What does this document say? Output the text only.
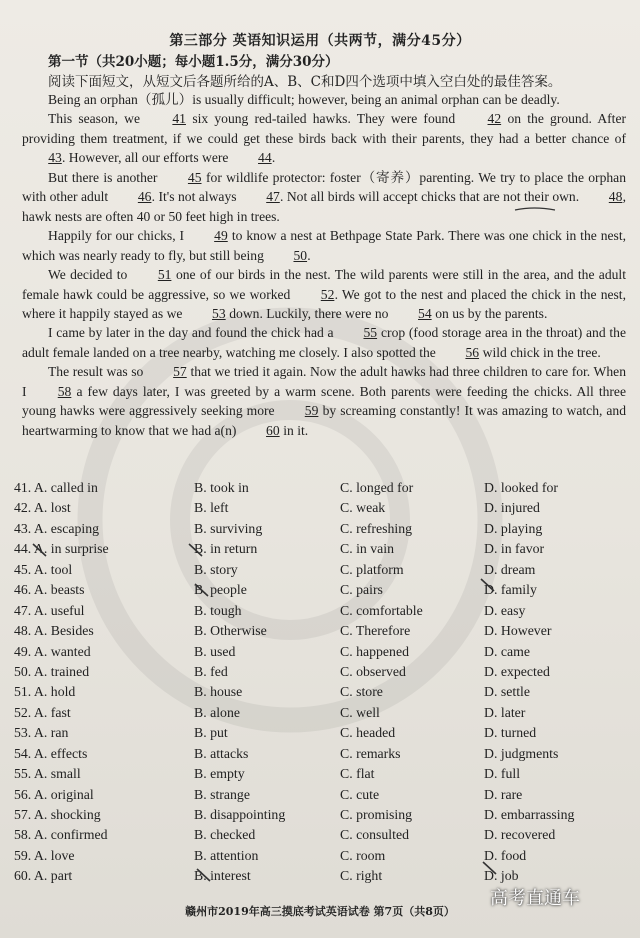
第三部分 英语知识运用（共两节，满分45分）
第一节（共20小题；每小题1.5分，满分30分）
阅读下面短文，从短文后各题所给的A、B、C和D四个选项中填入空白处的最佳答案。

Being an orphan（孤儿）is usually difficult; however, being an animal orphan can be deadly.

This season, we 41 six young red-tailed hawks. They were found 42 on the ground. After providing them treatment, if we could get these birds back with their parents, they had a better chance of 43. However, all our efforts were 44.

But there is another 45 for wildlife protector: foster（寄养）parenting. We try to place the orphan with other adult 46. It's not always 47. Not all birds will accept chicks that are not their own. 48, hawk nests are often 40 or 50 feet high in trees.

Happily for our chicks, I 49 to know a nest at Bethpage State Park. There was one chick in the nest, which was nearly ready to fly, but still being 50.

We decided to 51 one of our birds in the nest. The wild parents were still in the area, and the adult female hawk could be aggressive, so we worked 52. We got to the nest and placed the chick in the nest, where it happily stayed as we 53 down. Luckily, there were no 54 on us by the parents.

I came by later in the day and found the chick had a 55 crop (food storage area in the throat) and the adult female landed on a tree nearby, watching me closely. I also spotted the 56 wild chick in the tree.

The result was so 57 that we tried it again. Now the adult hawks had three children to care for. When I 58 a few days later, I was greeted by a warm scene. Both parents were feeding the chicks. All three young hawks were aggressively seeking more 59 by screaming constantly! It was amazing to watch, and heartwarming to know that we had a(n) 60 in it.

41. A. called in	B. took in	C. longed for	D. looked for
42. A. lost	B. left	C. weak	D. injured
43. A. escaping	B. surviving	C. refreshing	D. playing
44. A. in surprise	B. in return	C. in vain	D. in favor
45. A. tool	B. story	C. platform	D. dream
46. A. beasts	B. people	C. pairs	D. family
47. A. useful	B. tough	C. comfortable	D. easy
48. A. Besides	B. Otherwise	C. Therefore	D. However
49. A. wanted	B. used	C. happened	D. came
50. A. trained	B. fed	C. observed	D. expected
51. A. hold	B. house	C. store	D. settle
52. A. fast	B. alone	C. well	D. later
53. A. ran	B. put	C. headed	D. turned
54. A. effects	B. attacks	C. remarks	D. judgments
55. A. small	B. empty	C. flat	D. full
56. A. original	B. strange	C. cute	D. rare
57. A. shocking	B. disappointing	C. promising	D. embarrassing
58. A. confirmed	B. checked	C. consulted	D. recovered
59. A. love	B. attention	C. room	D. food
60. A. part	B. interest	C. right	D. job
赣州市2019年高三摸底考试英语试卷 第7页（共8页）
高考直通车
